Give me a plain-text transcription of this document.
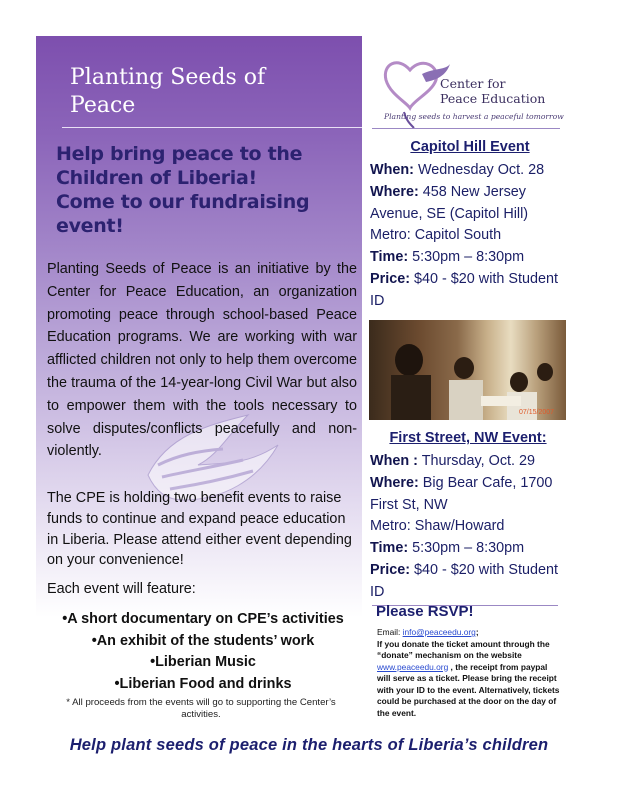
Planting Seeds of
Peace
Help bring peace to the
Children of Liberia!
Come to our fundraising
event!
Planting Seeds of Peace is an initiative by the Center for Peace Education, an organization promoting peace through school-based Peace Education programs. We are working with war afflicted children not only to help them overcome the trauma of the 14-year-long Civil War but also to empower them with the tools necessary to solve disputes/conflicts peacefully and non-violently.
The CPE is holding two benefit events to raise funds to continue and expand peace education in Liberia. Please attend either event depending on your convenience!
Each event will feature:
•A short documentary on CPE’s activities
•An exhibit of the students’ work
•Liberian Music
•Liberian Food and drinks
* All proceeds from the events will go to supporting the Center’s activities.
Center for
Peace Education
Planting seeds to harvest a peaceful tomorrow
Capitol Hill Event
When: Wednesday Oct. 28
Where: 458 New Jersey Avenue, SE (Capitol Hill)
Metro: Capitol South
Time: 5:30pm – 8:30pm
Price: $40 - $20 with Student ID
07/15/2007
First Street, NW Event:
When : Thursday, Oct. 29
Where: Big Bear Cafe, 1700 First St, NW
Metro: Shaw/Howard
Time: 5:30pm – 8:30pm
Price: $40 - $20 with Student ID
Please RSVP!
Email: info@peaceedu.org;
If you donate the ticket amount through the “donate” mechanism on the website www.peaceedu.org , the receipt from paypal will serve as a ticket. Please bring the receipt with your ID to the event. Alternatively, tickets could be purchased at the door on the day of the event.
Help plant seeds of peace in the hearts of Liberia’s children
